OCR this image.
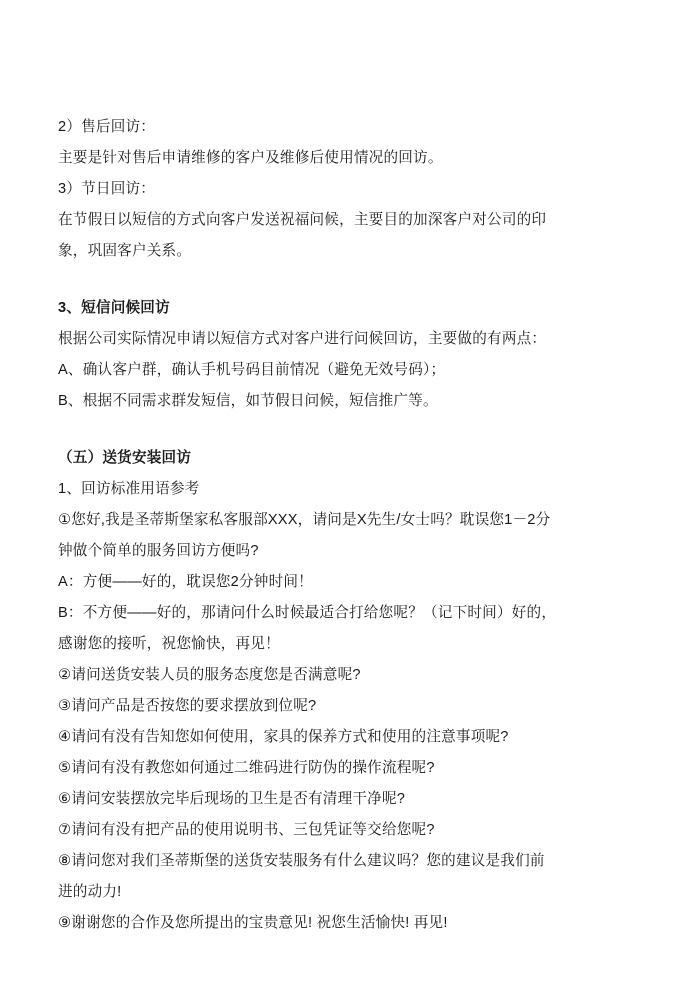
2）售后回访：

主要是针对售后申请维修的客户及维修后使用情况的回访。

3）节日回访：

在节假日以短信的方式向客户发送祝福问候，主要目的加深客户对公司的印

象，巩固客户关系。

3、短信问候回访

根据公司实际情况申请以短信方式对客户进行问候回访，主要做的有两点：

A、确认客户群，确认手机号码目前情况（避免无效号码）；

B、根据不同需求群发短信，如节假日问候，短信推广等。

（五）送货安装回访

1、回访标准用语参考

①您好,我是圣蒂斯堡家私客服部XXX，请问是X先生/女士吗？耽误您1－2分

钟做个简单的服务回访方便吗?

A：方便——好的，耽误您2分钟时间！

B：不方便——好的，那请问什么时候最适合打给您呢？（记下时间）好的，

感谢您的接听，祝您愉快，再见！

②请问送货安装人员的服务态度您是否满意呢?

③请问产品是否按您的要求摆放到位呢?

④请问有没有告知您如何使用，家具的保养方式和使用的注意事项呢?

⑤请问有没有教您如何通过二维码进行防伪的操作流程呢?

⑥请问安装摆放完毕后现场的卫生是否有清理干净呢?

⑦请问有没有把产品的使用说明书、三包凭证等交给您呢?

⑧请问您对我们圣蒂斯堡的送货安装服务有什么建议吗？您的建议是我们前

进的动力!

⑨谢谢您的合作及您所提出的宝贵意见! 祝您生活愉快! 再见!
